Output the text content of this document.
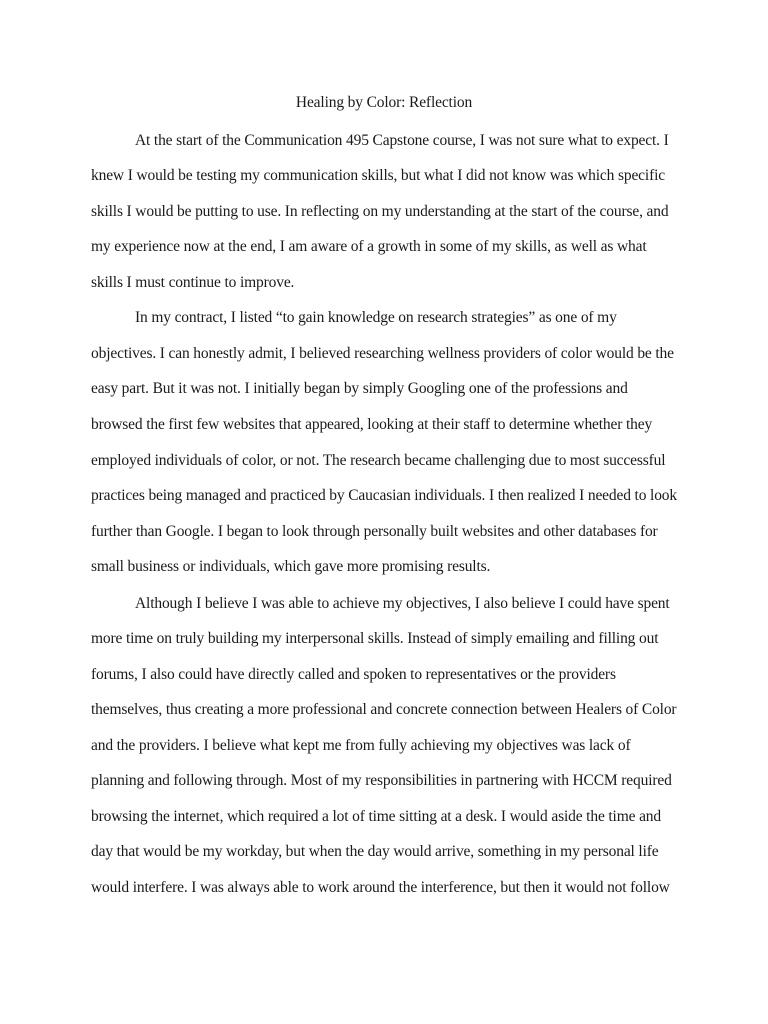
Healing by Color: Reflection
At the start of the Communication 495 Capstone course, I was not sure what to expect. I
knew I would be testing my communication skills, but what I did not know was which specific
skills I would be putting to use. In reflecting on my understanding at the start of the course, and
my experience now at the end, I am aware of a growth in some of my skills, as well as what
skills I must continue to improve.
In my contract, I listed “to gain knowledge on research strategies” as one of my
objectives. I can honestly admit, I believed researching wellness providers of color would be the
easy part. But it was not. I initially began by simply Googling one of the professions and
browsed the first few websites that appeared, looking at their staff to determine whether they
employed individuals of color, or not. The research became challenging due to most successful
practices being managed and practiced by Caucasian individuals. I then realized I needed to look
further than Google. I began to look through personally built websites and other databases for
small business or individuals, which gave more promising results.
Although I believe I was able to achieve my objectives, I also believe I could have spent
more time on truly building my interpersonal skills. Instead of simply emailing and filling out
forums, I also could have directly called and spoken to representatives or the providers
themselves, thus creating a more professional and concrete connection between Healers of Color
and the providers. I believe what kept me from fully achieving my objectives was lack of
planning and following through. Most of my responsibilities in partnering with HCCM required
browsing the internet, which required a lot of time sitting at a desk. I would aside the time and
day that would be my workday, but when the day would arrive, something in my personal life
would interfere. I was always able to work around the interference, but then it would not follow
